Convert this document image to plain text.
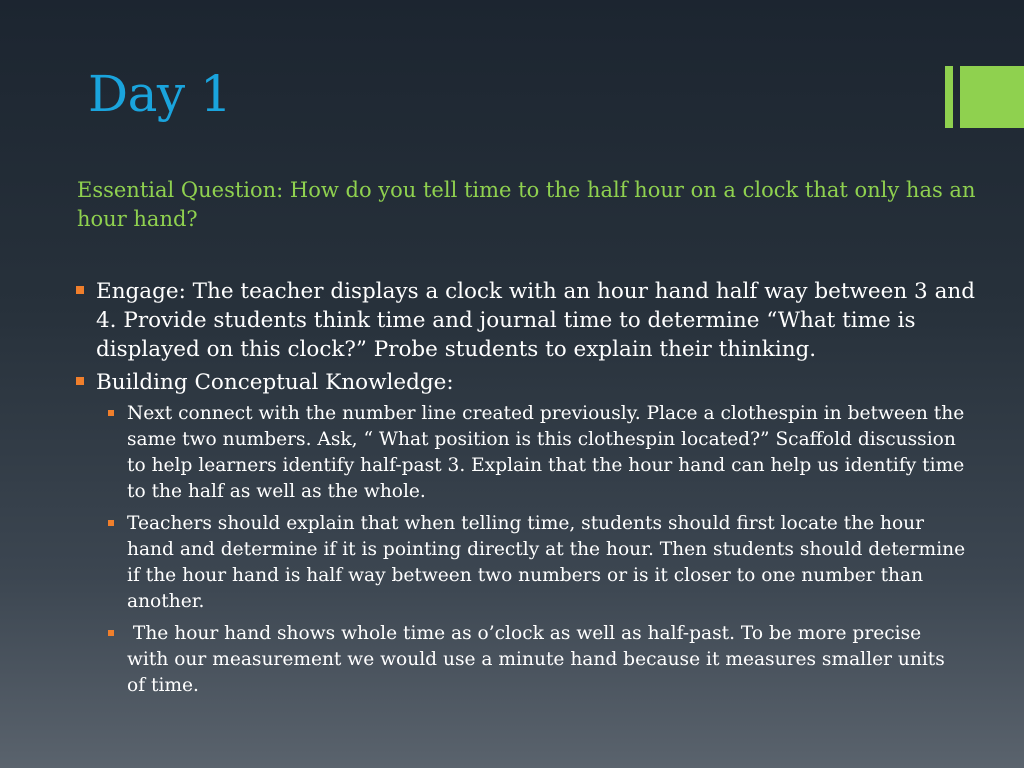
Day 1
Essential Question: How do you tell time to the half hour on a clock that only has an hour hand?
Engage: The teacher displays a clock with an hour hand half way between 3 and 4. Provide students think time and journal time to determine “What time is displayed on this clock?” Probe students to explain their thinking.
Building Conceptual Knowledge:
Next connect with the number line created previously. Place a clothespin in between the same two numbers. Ask, “ What position is this clothespin located?” Scaffold discussion to help learners identify half-past 3. Explain that the hour hand can help us identify time to the half as well as the whole.
Teachers should explain that when telling time, students should first locate the hour hand and determine if it is pointing directly at the hour. Then students should determine if the hour hand is half way between two numbers or is it closer to one number than another.
The hour hand shows whole time as o’clock as well as half-past. To be more precise with our measurement we would use a minute hand because it measures smaller units of time.
